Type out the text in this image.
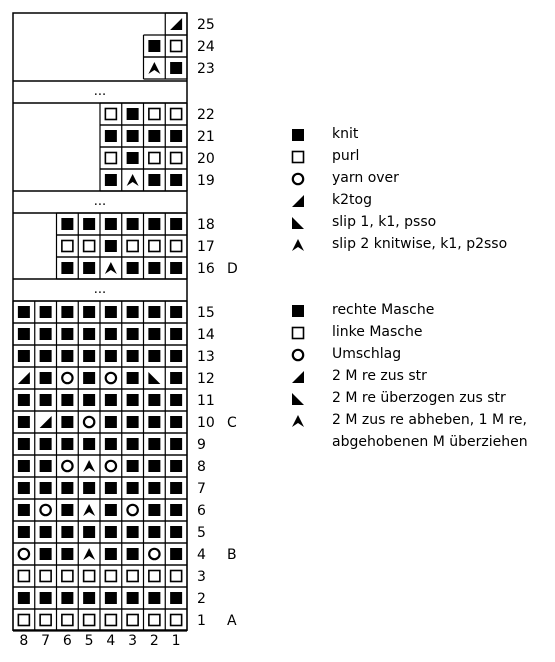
...
...
...
25
24
23
22
21
20
19
18
17
16 D
15
14
13
12
11
10 C
9
8
7
6
5
4 B
3
2
1 A
8 7 6 5 4 3 2 1
knit
purl
yarn over
k2tog
slip 1, k1, psso
slip 2 knitwise, k1, p2sso
rechte Masche
linke Masche
Umschlag
2 M re zus str
2 M re überzogen zus str
2 M zus re abheben, 1 M re,
abgehobenen M überziehen
